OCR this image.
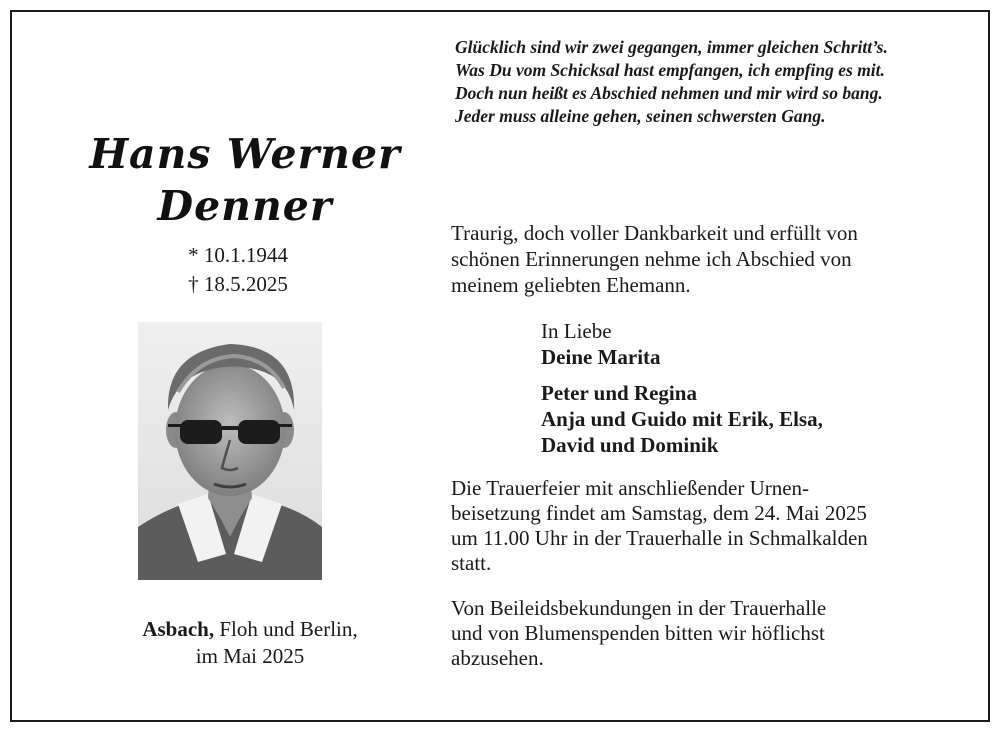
Glücklich sind wir zwei gegangen, immer gleichen Schritt’s.
Was Du vom Schicksal hast empfangen, ich empfing es mit.
Doch nun heißt es Abschied nehmen und mir wird so bang.
Jeder muss alleine gehen, seinen schwersten Gang.
Hans Werner
Denner
* 10.1.1944
† 18.5.2025
Asbach, Floh und Berlin,
im Mai 2025
Traurig, doch voller Dankbarkeit und erfüllt von
schönen Erinnerungen nehme ich Abschied von
meinem geliebten Ehemann.
In Liebe
Deine Marita
Peter und Regina
Anja und Guido mit Erik, Elsa,
David und Dominik
Die Trauerfeier mit anschließender Urnen-
beisetzung findet am Samstag, dem 24. Mai 2025
um 11.00 Uhr in der Trauerhalle in Schmalkalden
statt.
Von Beileidsbekundungen in der Trauerhalle
und von Blumenspenden bitten wir höflichst
abzusehen.
